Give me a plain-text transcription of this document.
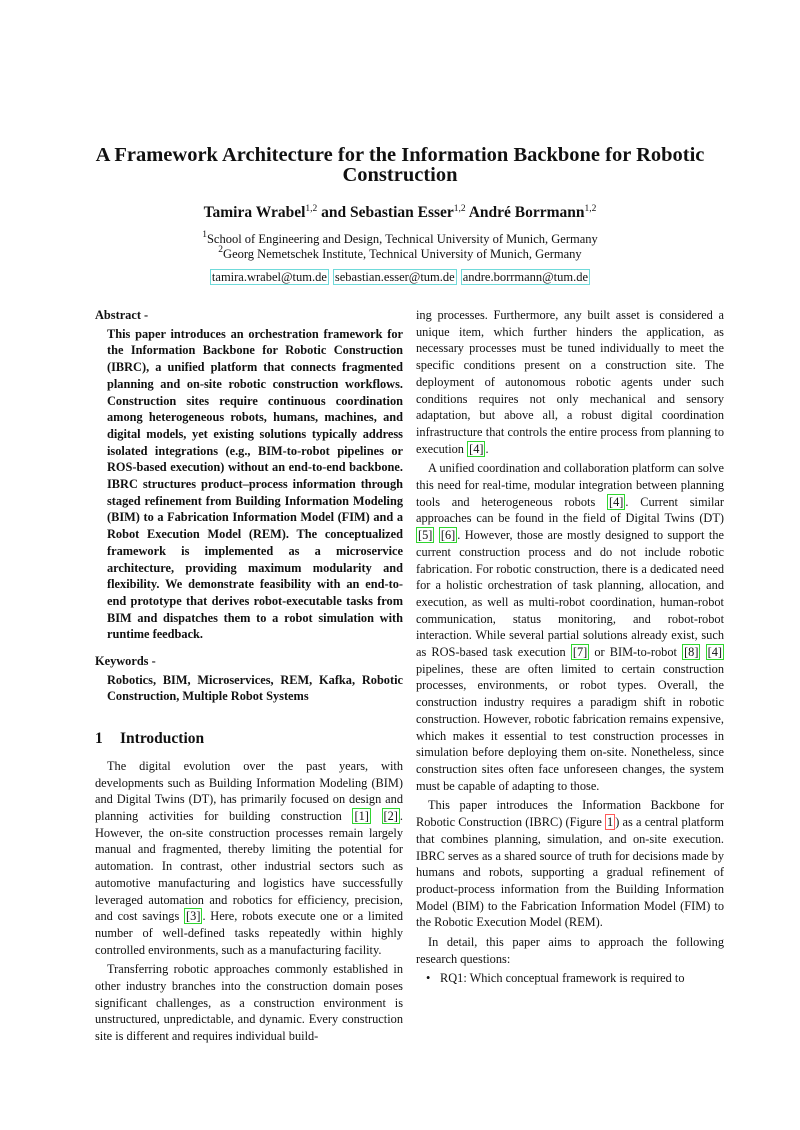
A Framework Architecture for the Information Backbone for Robotic Construction
Tamira Wrabel$^{1,2}$ and Sebastian Esser$^{1,2}$ André Borrmann$^{1,2}$
$^1$School of Engineering and Design, Technical University of Munich, Germany
$^2$Georg Nemetschek Institute, Technical University of Munich, Germany
tamira.wrabel@tum.de sebastian.esser@tum.de andre.borrmann@tum.de
Abstract -
This paper introduces an orchestration framework for the Information Backbone for Robotic Construction (IBRC), a unified platform that connects fragmented planning and on-site robotic construction workflows. Construction sites require continuous coordination among heterogeneous robots, humans, machines, and digital models, yet existing solutions typically address isolated integrations (e.g., BIM-to-robot pipelines or ROS-based execution) without an end-to-end backbone. IBRC structures product–process information through staged refinement from Building Information Modeling (BIM) to a Fabrication Information Model (FIM) and a Robot Execution Model (REM). The conceptualized framework is implemented as a microservice architecture, providing maximum modularity and flexibility. We demonstrate feasibility with an end-to-end prototype that derives robot-executable tasks from BIM and dispatches them to a robot simulation with runtime feedback.
Keywords -
Robotics, BIM, Microservices, REM, Kafka, Robotic Construction, Multiple Robot Systems
1 Introduction

The digital evolution over the past years, with developments such as Building Information Modeling (BIM) and Digital Twins (DT), has primarily focused on design and planning activities for building construction [1] [2] . However, the on-site construction processes remain largely manual and fragmented, thereby limiting the potential for automation. In contrast, other industrial sectors such as automotive manufacturing and logistics have successfully leveraged automation and robotics for efficiency, precision, and cost savings [3] . Here, robots execute one or a limited number of well-defined tasks repeatedly within highly controlled environments, such as a manufacturing facility.

Transferring robotic approaches commonly established in other industry branches into the construction domain poses significant challenges, as a construction environment is unstructured, unpredictable, and dynamic. Every construction site is different and requires individual build-

ing processes. Furthermore, any built asset is considered a unique item, which further hinders the application, as necessary processes must be tuned individually to meet the specific conditions present on a construction site. The deployment of autonomous robotic agents under such conditions requires not only mechanical and sensory adaptation, but above all, a robust digital coordination infrastructure that controls the entire process from planning to execution [4] .

A unified coordination and collaboration platform can solve this need for real-time, modular integration between planning tools and heterogeneous robots [4] . Current similar approaches can be found in the field of Digital Twins (DT) [5] [6] . However, those are mostly designed to support the current construction process and do not include robotic fabrication. For robotic construction, there is a dedicated need for a holistic orchestration of task planning, allocation, and execution, as well as multi-robot coordination, human-robot communication, status monitoring, and robot-robot interaction. While several partial solutions already exist, such as ROS-based task execution [7] or BIM-to-robot [8] [4] pipelines, these are often limited to certain construction processes, environments, or robot types. Overall, the construction industry requires a paradigm shift in robotic construction. However, robotic fabrication remains expensive, which makes it essential to test construction processes in simulation before deploying them on-site. Nonetheless, since construction sites often face unforeseen changes, the system must be capable of adapting to those.

This paper introduces the Information Backbone for Robotic Construction (IBRC) (Figure 1 ) as a central platform that combines planning, simulation, and on-site execution. IBRC serves as a shared source of truth for decisions made by humans and robots, supporting a gradual refinement of product-process information from the Building Information Model (BIM) to the Fabrication Information Model (FIM) to the Robotic Execution Model (REM).

In detail, this paper aims to approach the following research questions:

• RQ1: Which conceptual framework is required to
